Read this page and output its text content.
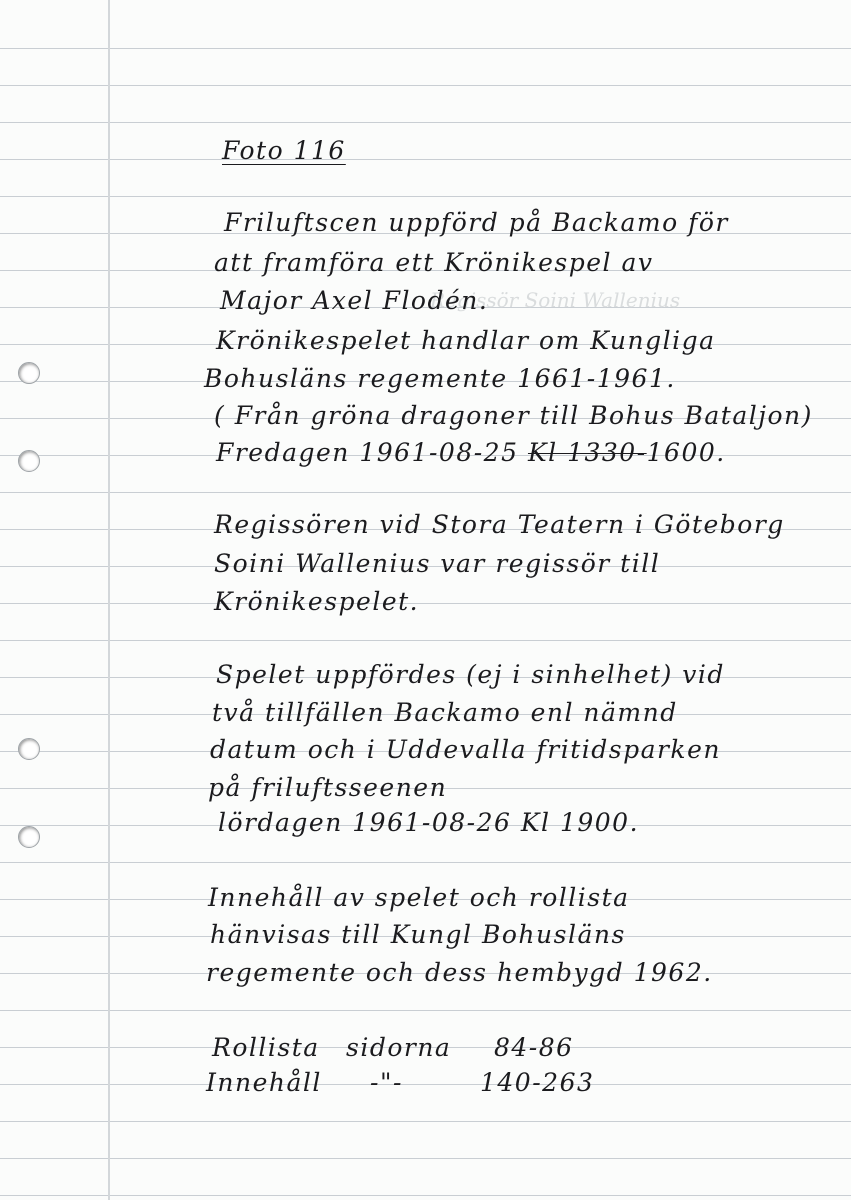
Regissör Soini Wallenius
Foto 116
Friluftscen uppförd på Backamo för
att framföra ett Krönikespel av
Major Axel Flodén.
Krönikespelet handlar om Kungliga
Bohusläns regemente 1661-1961.
( Från gröna dragoner till Bohus Bataljon)
Fredagen 1961-08-25 Kl 1330-1600.
Regissören vid Stora Teatern i Göteborg
Soini Wallenius var regissör till
Krönikespelet.
Spelet uppfördes (ej i sinhelhet) vid
två tillfällen Backamo enl nämnd
datum och i Uddevalla fritidsparken
på friluftsseenen
lördagen 1961-08-26 Kl 1900.
Innehåll av spelet och rollista
hänvisas till Kungl Bohusläns
regemente och dess hembygd 1962.
Rollista sidorna 84-86
Innehåll -"-	140-263
